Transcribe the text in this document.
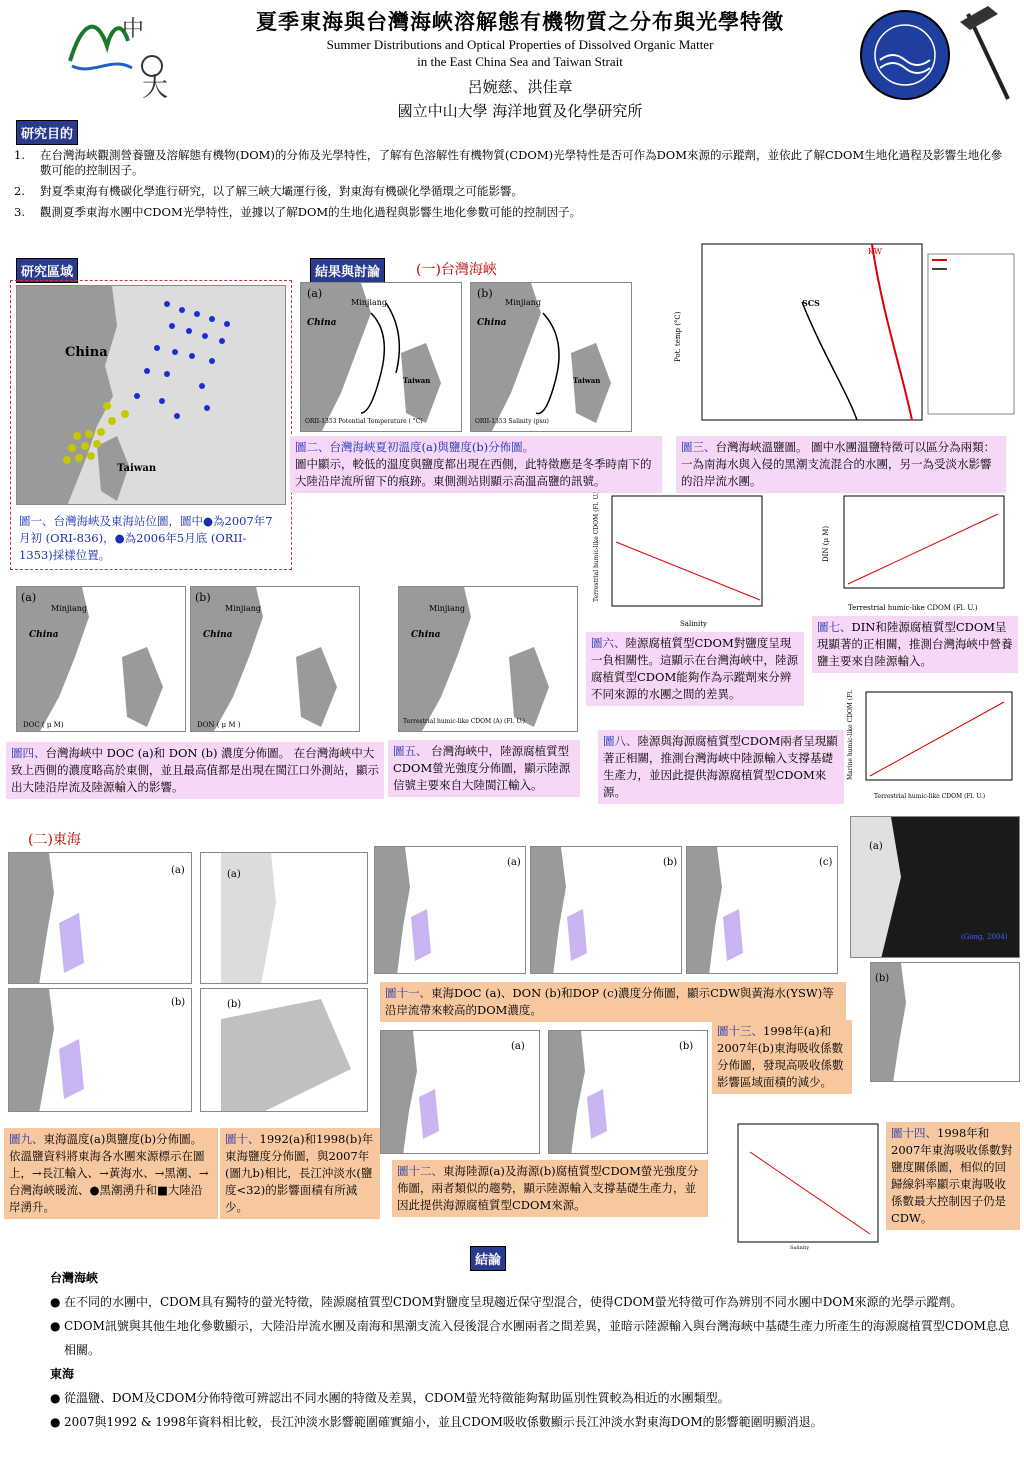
中
大
夏季東海與台灣海峽溶解態有機物質之分布與光學特徵
Summer Distributions and Optical Properties of Dissolved Organic Matter
in the East China Sea and Taiwan Strait
呂婉慈、洪佳章
國立中山大學 海洋地質及化學研究所
研究目的
1.	在台灣海峽觀測營養鹽及溶解態有機物(DOM)的分佈及光學特性，了解有色溶解性有機物質(CDOM)光學特性是否可作為DOM來源的示蹤劑，並依此了解CDOM生地化過程及影響生地化參數可能的控制因子。
2.	對夏季東海有機碳化學進行研究，以了解三峽大壩運行後，對東海有機碳化學循環之可能影響。
3.	觀測夏季東海水團中CDOM光學特性，並據以了解DOM的生地化過程與影響生地化參數可能的控制因子。
研究區域
China
Taiwan
圖一、台灣海峽及東海站位圖，圖中●為2007年7月初 (ORI-836)，●為2006年5月底 (ORII-1353)採樣位置。
結果與討論	(一)台灣海峽
(a)
Minjiang
China
Taiwan
ORII-1353 Potential Temperature ( °C)
(b)
Minjiang
China
Taiwan
ORII-1353 Salinity (psu)
圖二、台灣海峽夏初溫度(a)與鹽度(b)分佈圖。
圖中顯示，較低的溫度與鹽度都出現在西側，此特徵應是冬季時南下的大陸沿岸流所留下的痕跡。東側測站則顯示高溫高鹽的訊號。
KW
SCS
Pot. temp (°C)
圖三、台灣海峽溫鹽圖。 圖中水團溫鹽特徵可以區分為兩類：一為南海水與入侵的黑潮支流混合的水團，另一為受淡水影響的沿岸流水團。
Salinity
Terrestrial humic-like CDOM (Fl. U.)
Terrestrial humic-like CDOM (Fl. U.)
DIN (μ M)
圖七、DIN和陸源腐植質型CDOM呈現顯著的正相關，推測台灣海峽中營養鹽主要來自陸源輸入。
Terrestrial humic-like CDOM (Fl. U.)
Marine humic-like CDOM (Fl. U.)
圖六、陸源腐植質型CDOM對鹽度呈現一負相關性。這顯示在台灣海峽中，陸源腐植質型CDOM能夠作為示蹤劑來分辨不同來源的水團之間的差異。
圖八、陸源與海源腐植質型CDOM兩者呈現顯著正相關，推測台灣海峽中陸源輸入支撐基礎生產力，並因此提供海源腐植質型CDOM來源。
(a)
Minjiang
China
DOC ( μ M)
(b)
Minjiang
China
DON ( μ M )
Minjiang
China
Terrestrial humic-like CDOM (A) (Fl. U.)
圖四、台灣海峽中 DOC (a)和 DON (b) 濃度分佈圖。 在台灣海峽中大致上西側的濃度略高於東側，並且最高值都是出現在閩江口外測站，顯示出大陸沿岸流及陸源輸入的影響。
圖五、 台灣海峽中，陸源腐植質型CDOM螢光強度分佈圖，顯示陸源信號主要來自大陸閩江輸入。
(二)東海
(a)
(b)
(a)
(b)
圖九、東海溫度(a)與鹽度(b)分佈圖。依溫鹽資料將東海各水團來源標示在圖上，→長江輸入、→黃海水、→黑潮、→台灣海峽暖流、●黑潮湧升和■大陸沿岸湧升。
圖十、1992(a)和1998(b)年東海鹽度分佈圖，與2007年(圖九b)相比，長江沖淡水(鹽度<32)的影響面積有所減少。
(a)	(b)	(c)
圖十一、東海DOC (a)、DON (b)和DOP (c)濃度分佈圖，顯示CDW與黃海水(YSW)等沿岸流帶來較高的DOM濃度。
(a)	(b)
圖十二、東海陸源(a)及海源(b)腐植質型CDOM螢光強度分佈圖，兩者類似的趨勢，顯示陸源輸入支撐基礎生產力，並因此提供海源腐植質型CDOM來源。
(a)
(Gong, 2004)
(b)
圖十三、1998年(a)和2007年(b)東海吸收係數分佈圖，發現高吸收係數影響區域面積的減少。
Salinity
圖十四、1998年和2007年東海吸收係數對鹽度關係圖，相似的回歸線斜率顯示東海吸收係數最大控制因子仍是CDW。
結論
台灣海峽
● 在不同的水團中，CDOM具有獨特的螢光特徵，陸源腐植質型CDOM對鹽度呈現趨近保守型混合，使得CDOM螢光特徵可作為辨別不同水團中DOM來源的光學示蹤劑。
● CDOM訊號與其他生地化參數顯示，大陸沿岸流水團及南海和黑潮支流入侵後混合水團兩者之間差異，並暗示陸源輸入與台灣海峽中基礎生產力所產生的海源腐植質型CDOM息息相關。
東海
● 從溫鹽、DOM及CDOM分佈特徵可辨認出不同水團的特徵及差異，CDOM螢光特徵能夠幫助區別性質較為相近的水團類型。
● 2007與1992 & 1998年資料相比較，長江沖淡水影響範圍確實縮小，並且CDOM吸收係數顯示長江沖淡水對東海DOM的影響範圍明顯消退。
